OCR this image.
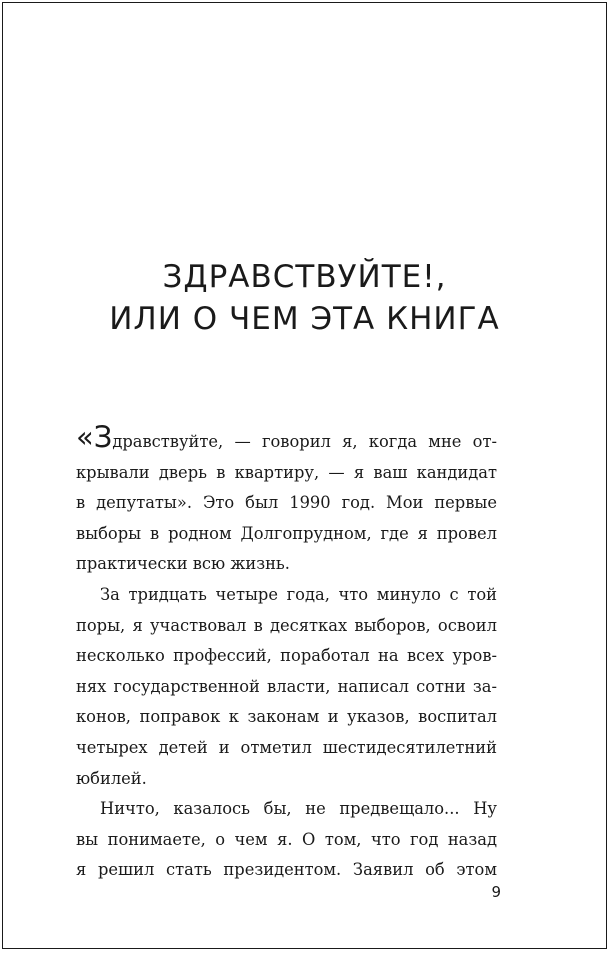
ЗДРАВСТВУЙТЕ!,
ИЛИ О ЧЕМ ЭТА КНИГА

«Здравствуйте, — говорил я, когда мне от-
крывали дверь в квартиру, — я ваш кандидат
в депутаты». Это был 1990 год. Мои первые
выборы в родном Долгопрудном, где я провел
практически всю жизнь.

За тридцать четыре года, что минуло с той
поры, я участвовал в десятках выборов, освоил
несколько профессий, поработал на всех уров-
нях государственной власти, написал сотни за-
конов, поправок к законам и указов, воспитал
четырех детей и отметил шестидесятилетний
юбилей.

Ничто, казалось бы, не предвещало... Ну
вы понимаете, о чем я. О том, что год назад
я решил стать президентом. Заявил об этом

9
